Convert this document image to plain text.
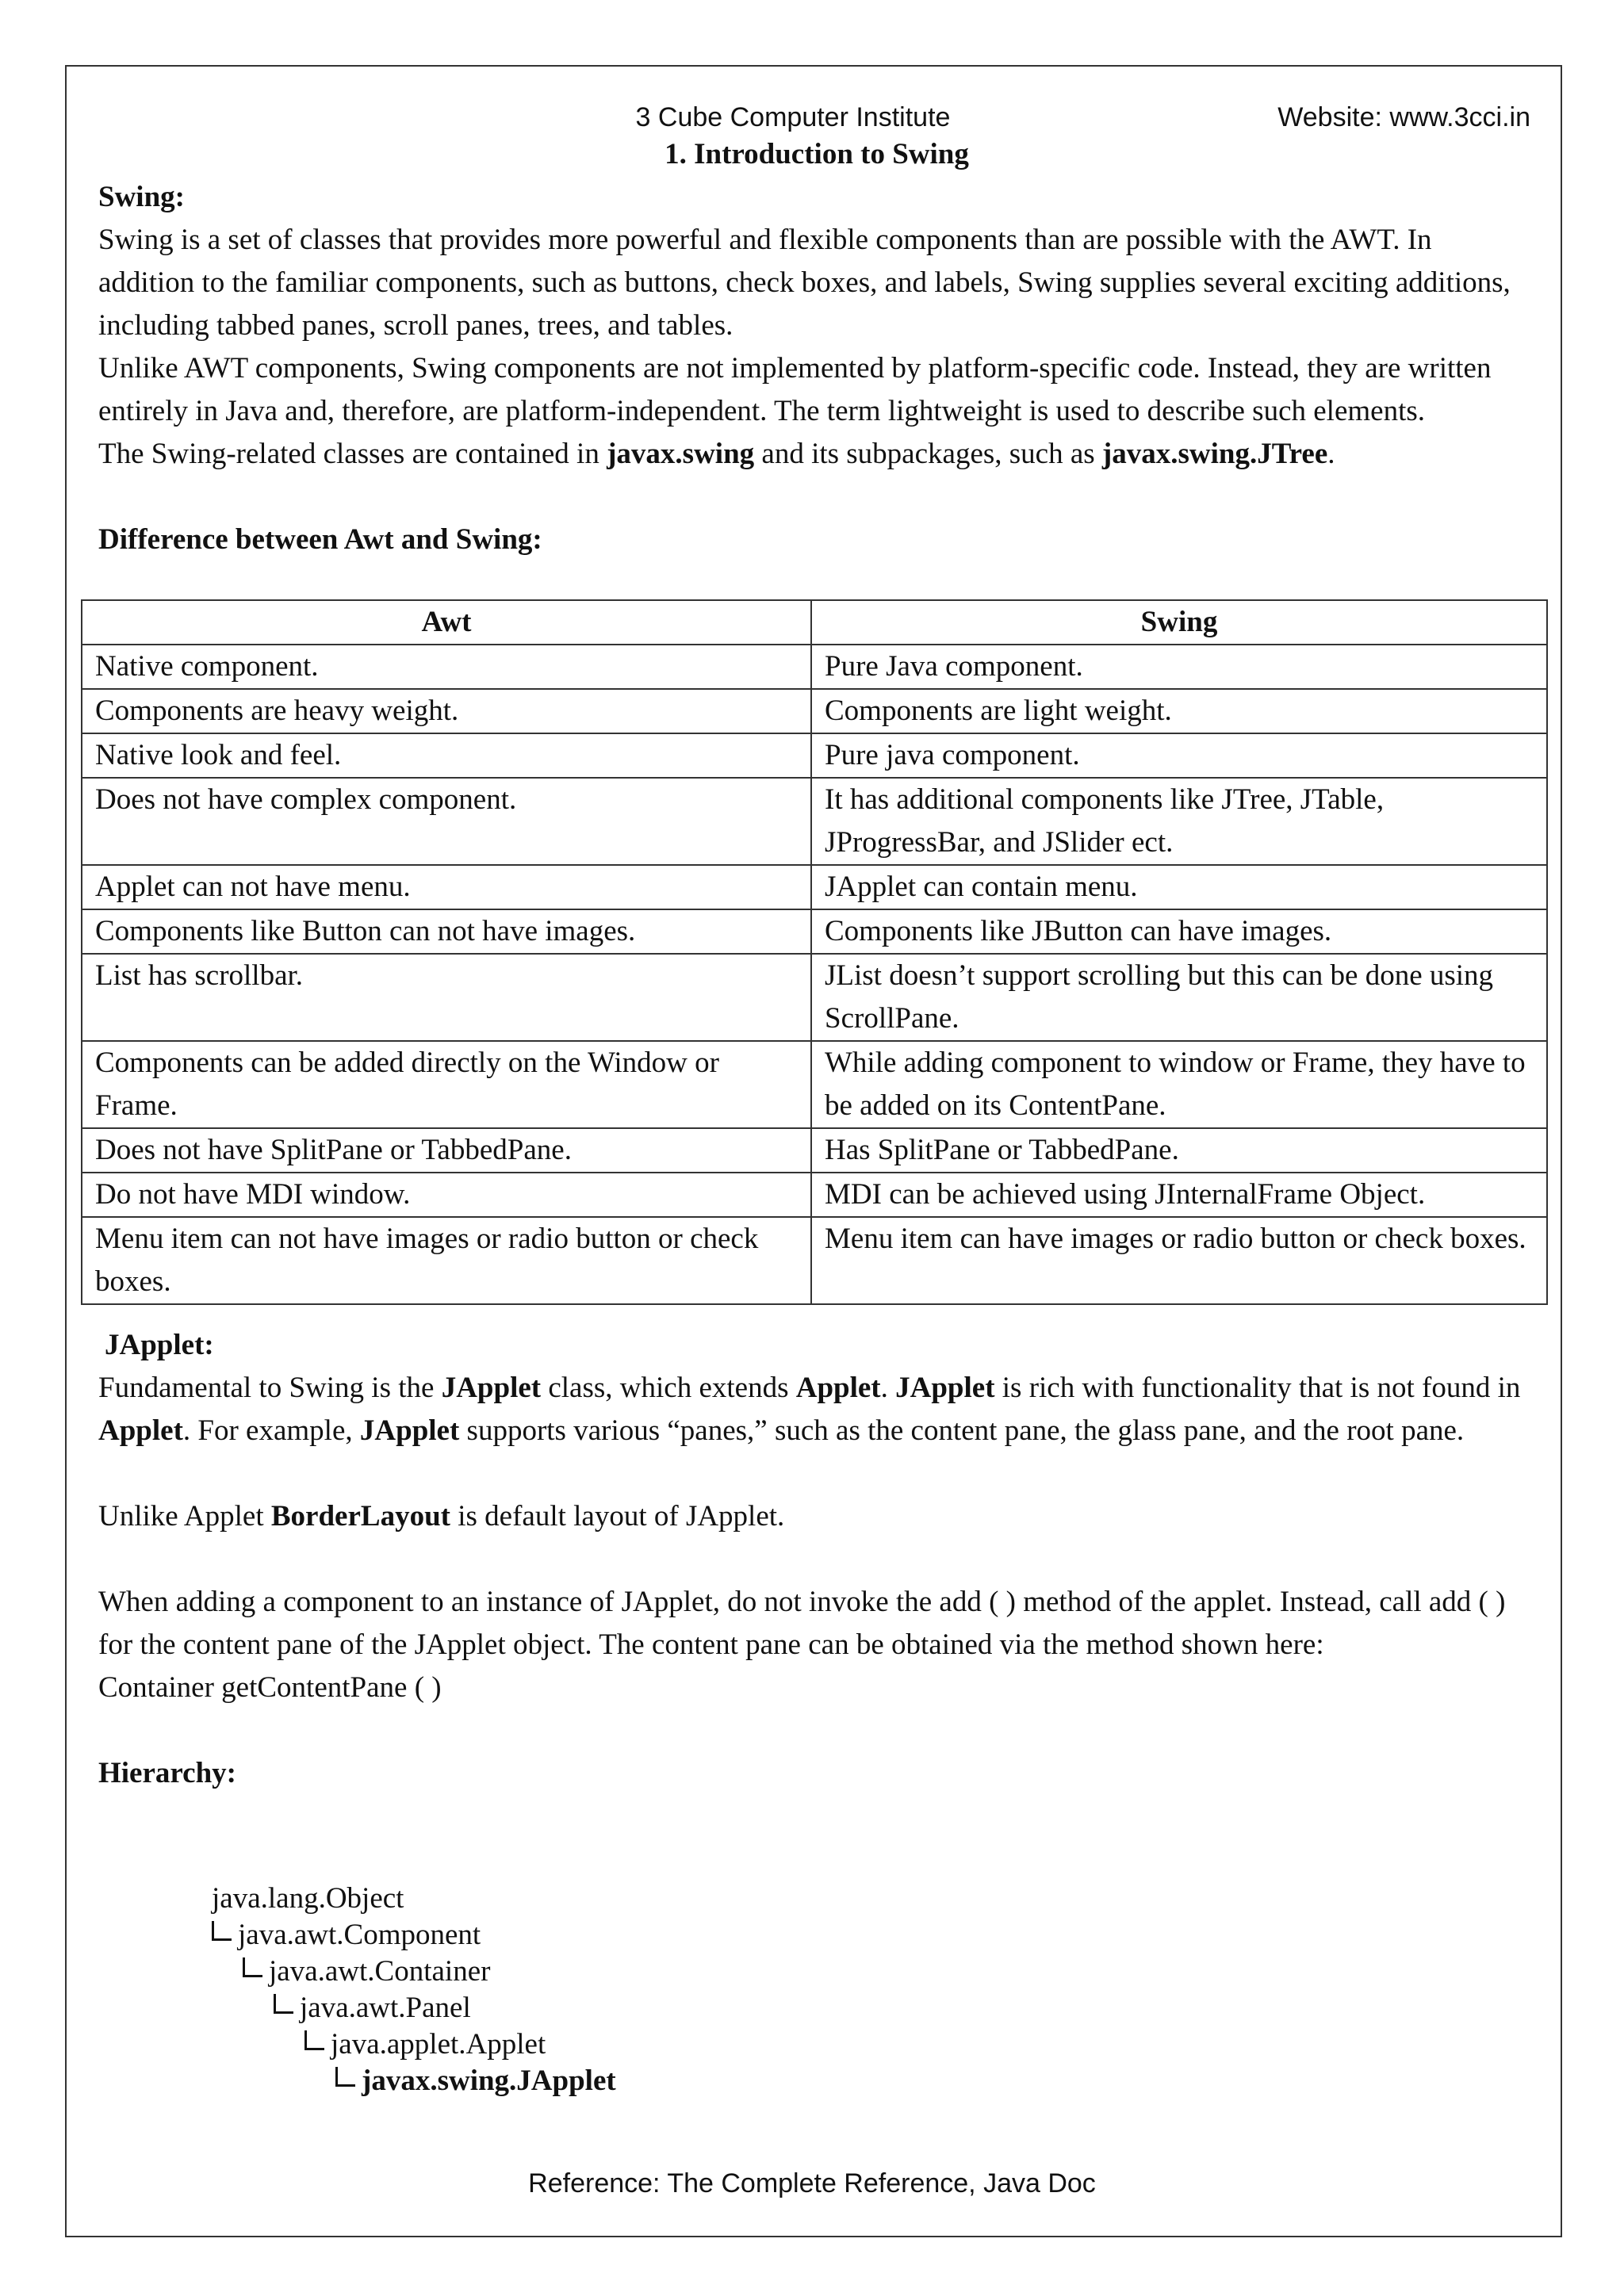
3 Cube Computer Institute	Website: www.3cci.in
1. Introduction to Swing

Swing:

Swing is a set of classes that provides more powerful and flexible components than are possible with the AWT. In addition to the familiar components, such as buttons, check boxes, and labels, Swing supplies several exciting additions, including tabbed panes, scroll panes, trees, and tables.

Unlike AWT components, Swing components are not implemented by platform-specific code. Instead, they are written entirely in Java and, therefore, are platform-independent. The term lightweight is used to describe such elements.

The Swing-related classes are contained in javax.swing and its subpackages, such as javax.swing.JTree.

Difference between Awt and Swing:

Awt	Swing
Native component.	Pure Java component.
Components are heavy weight.	Components are light weight.
Native look and feel.	Pure java component.
Does not have complex component.	It has additional components like JTree, JTable, JProgressBar, and JSlider ect.
Applet can not have menu.	JApplet can contain menu.
Components like Button can not have images.	Components like JButton can have images.
List has scrollbar.	JList doesn’t support scrolling but this can be done using ScrollPane.
Components can be added directly on the Window or Frame.	While adding component to window or Frame, they have to be added on its ContentPane.
Does not have SplitPane or TabbedPane.	Has SplitPane or TabbedPane.
Do not have MDI window.	MDI can be achieved using JInternalFrame Object.
Menu item can not have images or radio button or check boxes.	Menu item can have images or radio button or check boxes.

JApplet:

Fundamental to Swing is the JApplet class, which extends Applet. JApplet is rich with functionality that is not found in Applet. For example, JApplet supports various “panes,” such as the content pane, the glass pane, and the root pane.

Unlike Applet BorderLayout is default layout of JApplet.

When adding a component to an instance of JApplet, do not invoke the add ( ) method of the applet. Instead, call add ( ) for the content pane of the JApplet object. The content pane can be obtained via the method shown here:

Container getContentPane ( )

Hierarchy:

java.lang.Object
java.awt.Component
java.awt.Container
java.awt.Panel
java.applet.Applet
javax.swing.JApplet
Reference: The Complete Reference, Java Doc
